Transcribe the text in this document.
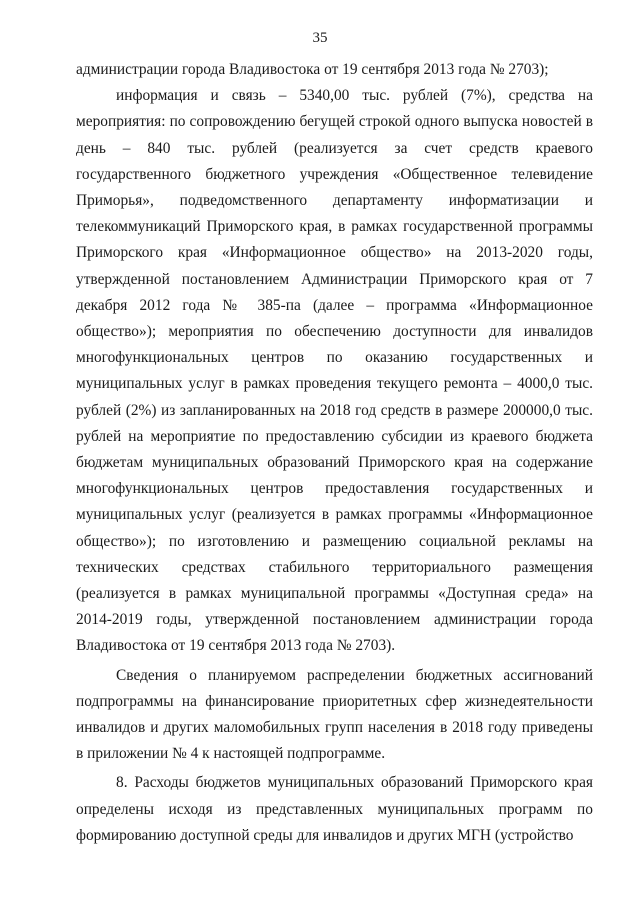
35

администрации города Владивостока от 19 сентября 2013 года № 2703);

информация и связь – 5340,00 тыс. рублей (7%), средства на мероприятия: по сопровождению бегущей строкой одного выпуска новостей в день – 840 тыс. рублей (реализуется за счет средств краевого государственного бюджетного учреждения «Общественное телевидение Приморья», подведомственного департаменту информатизации и телекоммуникаций Приморского края, в рамках государственной программы Приморского края «Информационное общество» на 2013-2020 годы, утвержденной постановлением Администрации Приморского края от 7 декабря 2012 года № 385-па (далее – программа «Информационное общество»); мероприятия по обеспечению доступности для инвалидов многофункциональных центров по оказанию государственных и муниципальных услуг в рамках проведения текущего ремонта – 4000,0 тыс. рублей (2%) из запланированных на 2018 год средств в размере 200000,0 тыс. рублей на мероприятие по предоставлению субсидии из краевого бюджета бюджетам муниципальных образований Приморского края на содержание многофункциональных центров предоставления государственных и муниципальных услуг (реализуется в рамках программы «Информационное общество»); по изготовлению и размещению социальной рекламы на технических средствах стабильного территориального размещения (реализуется в рамках муниципальной программы «Доступная среда» на 2014-2019 годы, утвержденной постановлением администрации города Владивостока от 19 сентября 2013 года № 2703).

Сведения о планируемом распределении бюджетных ассигнований подпрограммы на финансирование приоритетных сфер жизнедеятельности инвалидов и других маломобильных групп населения в 2018 году приведены в приложении № 4 к настоящей подпрограмме.

8. Расходы бюджетов муниципальных образований Приморского края определены исходя из представленных муниципальных программ по формированию доступной среды для инвалидов и других МГН (устройство
